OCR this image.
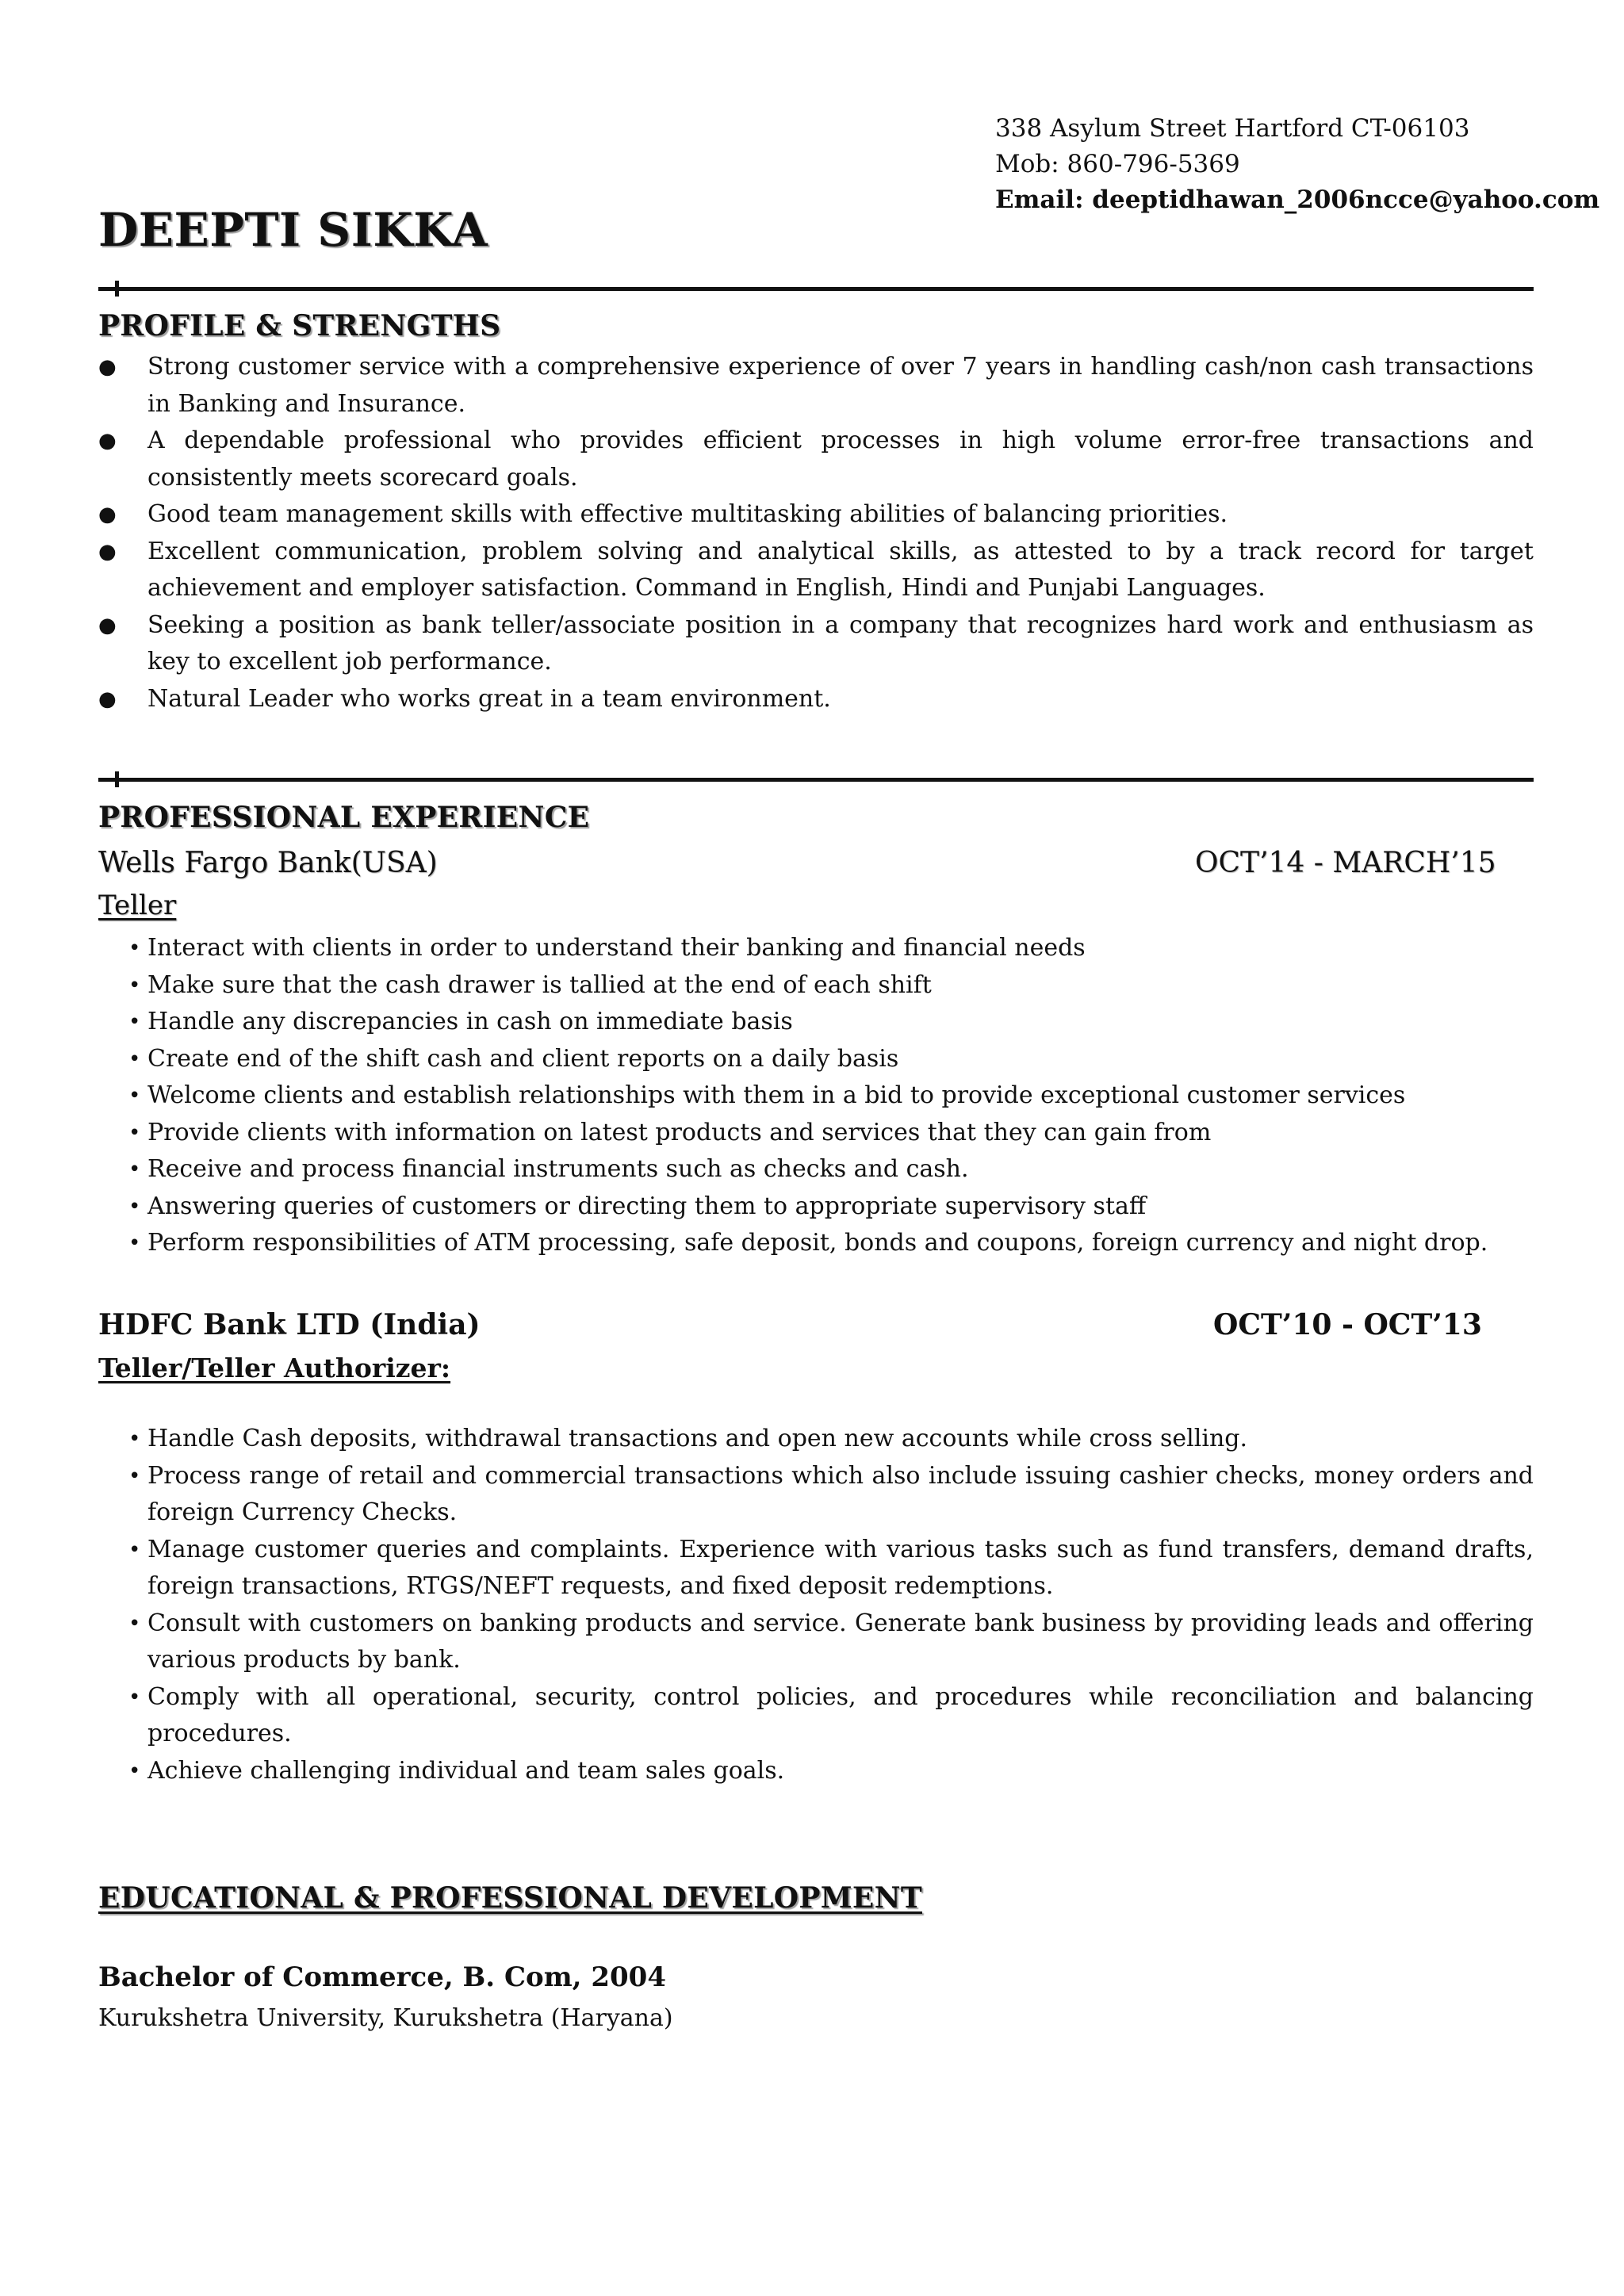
338 Asylum Street Hartford CT-06103
Mob: 860-796-5369
Email: deeptidhawan_2006ncce@yahoo.com
DEEPTI SIKKA
PROFILE & STRENGTHS
● Strong customer service with a comprehensive experience of over 7 years in handling cash/non cash transactions in Banking and Insurance.
● A dependable professional who provides efficient processes in high volume error-free transactions and consistently meets scorecard goals.
● Good team management skills with effective multitasking abilities of balancing priorities.
● Excellent communication, problem solving and analytical skills, as attested to by a track record for target achievement and employer satisfaction. Command in English, Hindi and Punjabi Languages.
● Seeking a position as bank teller/associate position in a company that recognizes hard work and enthusiasm as key to excellent job performance.
● Natural Leader who works great in a team environment.
PROFESSIONAL EXPERIENCE
Wells Fargo Bank(USA)	OCT’14 - MARCH’15
Teller
• Interact with clients in order to understand their banking and financial needs
• Make sure that the cash drawer is tallied at the end of each shift
• Handle any discrepancies in cash on immediate basis
• Create end of the shift cash and client reports on a daily basis
• Welcome clients and establish relationships with them in a bid to provide exceptional customer services
• Provide clients with information on latest products and services that they can gain from
• Receive and process financial instruments such as checks and cash.
• Answering queries of customers or directing them to appropriate supervisory staff
• Perform responsibilities of ATM processing, safe deposit, bonds and coupons, foreign currency and night drop.
HDFC Bank LTD (India)	OCT’10 - OCT’13
Teller/Teller Authorizer:
• Handle Cash deposits, withdrawal transactions and open new accounts while cross selling.
• Process range of retail and commercial transactions which also include issuing cashier checks, money orders and foreign Currency Checks.
• Manage customer queries and complaints. Experience with various tasks such as fund transfers, demand drafts, foreign transactions, RTGS/NEFT requests, and fixed deposit redemptions.
• Consult with customers on banking products and service. Generate bank business by providing leads and offering various products by bank.
• Comply with all operational, security, control policies, and procedures while reconciliation and balancing procedures.
• Achieve challenging individual and team sales goals.
EDUCATIONAL & PROFESSIONAL DEVELOPMENT
Bachelor of Commerce, B. Com, 2004
Kurukshetra University, Kurukshetra (Haryana)
